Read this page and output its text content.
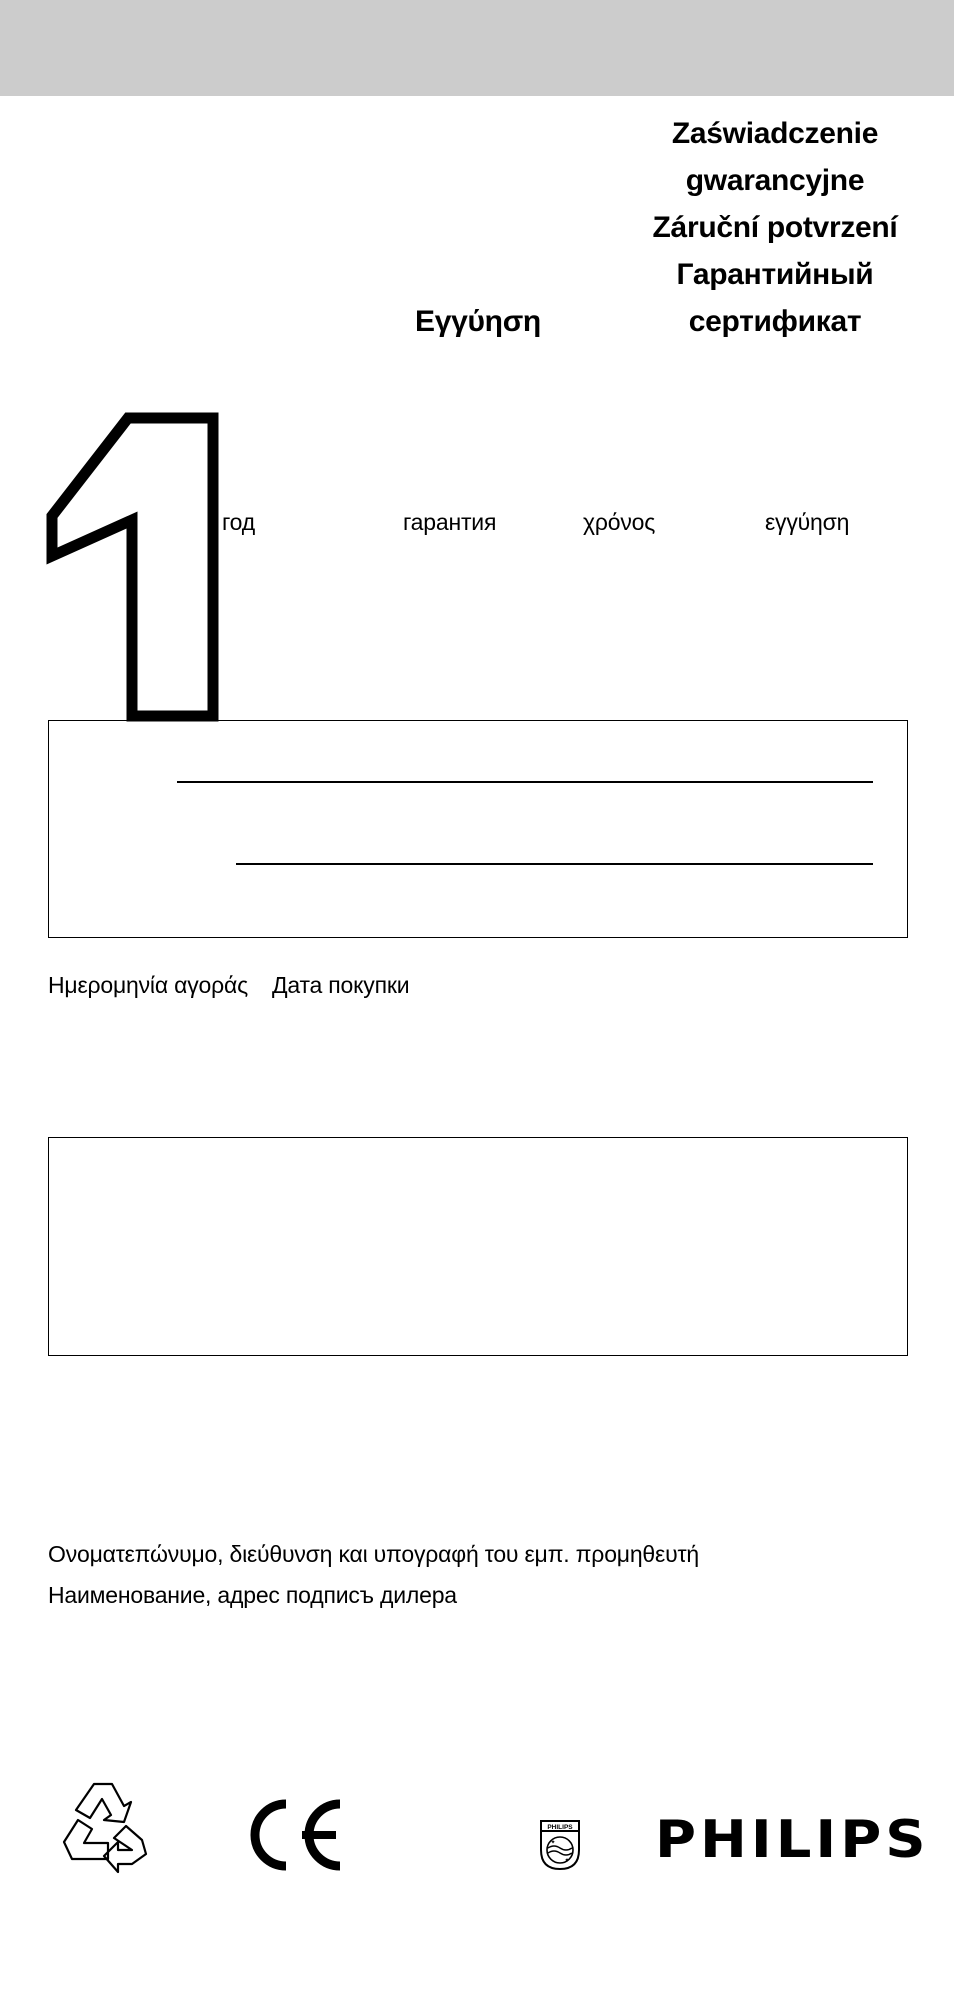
Zaświadczenie
gwarancyjne
Záruční potvrzení
Гарантийный
сертификат
Εγγύηση
1
год	гарантия	χρόνος	εγγύηση
Ημερομηνία αγοράς Дата покупки
Ονοματεπώνυμο, διεύθυνση και υπογραφή του εμπ. προμηθευτή
Наименование, адрес подписъ дилера
PHILIPS
✦
✦ PHILIPS
